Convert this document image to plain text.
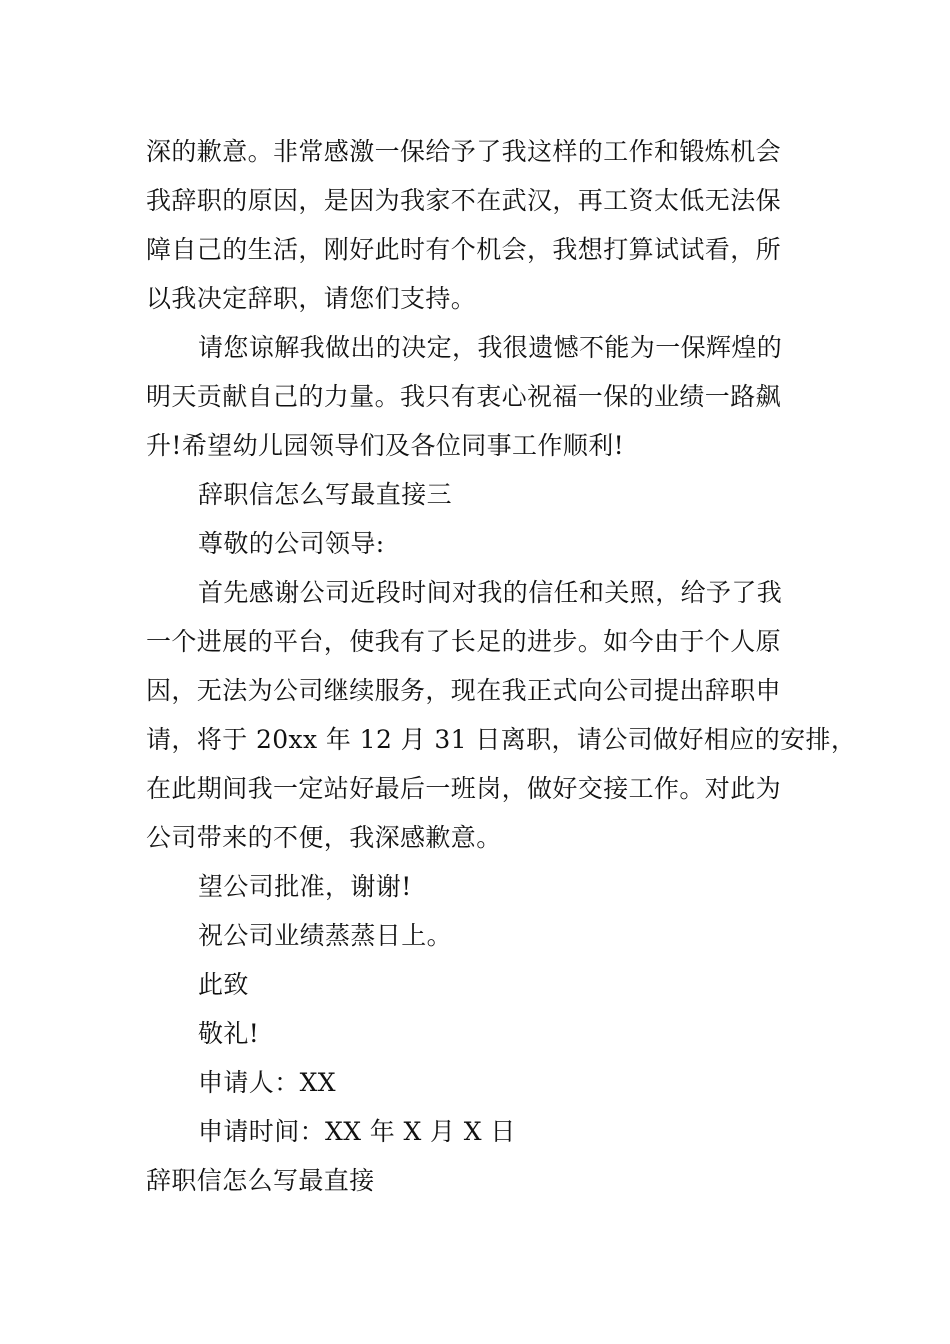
深的歉意。非常感激一保给予了我这样的工作和锻炼机会
我辞职的原因，是因为我家不在武汉，再工资太低无法保
障自己的生活，刚好此时有个机会，我想打算试试看，所
以我决定辞职，请您们支持。
请您谅解我做出的决定，我很遗憾不能为一保辉煌的
明天贡献自己的力量。我只有衷心祝福一保的业绩一路飙
升!希望幼儿园领导们及各位同事工作顺利!
辞职信怎么写最直接三
尊敬的公司领导:
首先感谢公司近段时间对我的信任和关照，给予了我
一个进展的平台，使我有了长足的进步。如今由于个人原
因，无法为公司继续服务，现在我正式向公司提出辞职申
请，将于 20xx 年 12 月 31 日离职，请公司做好相应的安排，
在此期间我一定站好最后一班岗，做好交接工作。对此为
公司带来的不便，我深感歉意。
望公司批准，谢谢!
祝公司业绩蒸蒸日上。
此致
敬礼!
申请人：XX
申请时间：XX 年 X 月 X 日
辞职信怎么写最直接
